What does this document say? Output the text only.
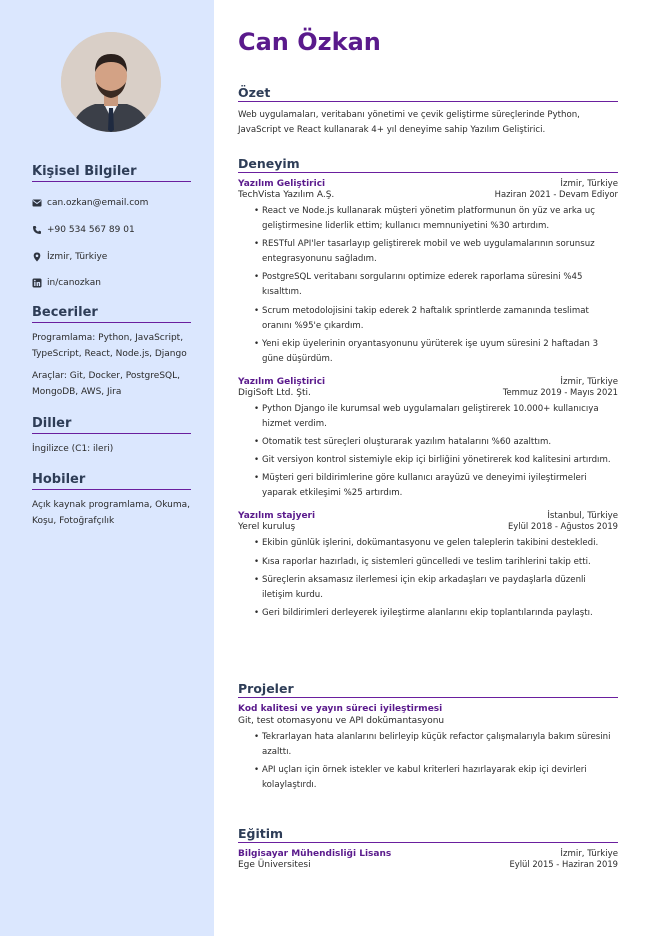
Kişisel Bilgiler
can.ozkan@email.com
+90 534 567 89 01
İzmir, Türkiye
in/canozkan
Beceriler
Programlama: Python, JavaScript, TypeScript, React, Node.js, Django
Araçlar: Git, Docker, PostgreSQL, MongoDB, AWS, Jira
Diller
İngilizce (C1: ileri)
Hobiler
Açık kaynak programlama, Okuma, Koşu, Fotoğrafçılık
Can Özkan
Özet
Web uygulamaları, veritabanı yönetimi ve çevik geliştirme süreçlerinde Python, JavaScript ve React kullanarak 4+ yıl deneyime sahip Yazılım Geliştirici.
Deneyim
Yazılım Geliştirici	İzmir, Türkiye
TechVista Yazılım A.Ş.	Haziran 2021 - Devam Ediyor
• React ve Node.js kullanarak müşteri yönetim platformunun ön yüz ve arka uç geliştirmesine liderlik ettim; kullanıcı memnuniyetini %30 artırdım.
• RESTful API'ler tasarlayıp geliştirerek mobil ve web uygulamalarının sorunsuz entegrasyonunu sağladım.
• PostgreSQL veritabanı sorgularını optimize ederek raporlama süresini %45 kısalttım.
• Scrum metodolojisini takip ederek 2 haftalık sprintlerde zamanında teslimat oranını %95'e çıkardım.
• Yeni ekip üyelerinin oryantasyonunu yürüterek işe uyum süresini 2 haftadan 3 güne düşürdüm.
Yazılım Geliştirici	İzmir, Türkiye
DigiSoft Ltd. Şti.	Temmuz 2019 - Mayıs 2021
• Python Django ile kurumsal web uygulamaları geliştirerek 10.000+ kullanıcıya hizmet verdim.
• Otomatik test süreçleri oluşturarak yazılım hatalarını %60 azalttım.
• Git versiyon kontrol sistemiyle ekip içi birliğini yönetirerek kod kalitesini artırdım.
• Müşteri geri bildirimlerine göre kullanıcı arayüzü ve deneyimi iyileştirmeleri yaparak etkileşimi %25 artırdım.
Yazılım stajyeri	İstanbul, Türkiye
Yerel kuruluş	Eylül 2018 - Ağustos 2019
• Ekibin günlük işlerini, dokümantasyonu ve gelen taleplerin takibini destekledi.
• Kısa raporlar hazırladı, iç sistemleri güncelledi ve teslim tarihlerini takip etti.
• Süreçlerin aksamasız ilerlemesi için ekip arkadaşları ve paydaşlarla düzenli iletişim kurdu.
• Geri bildirimleri derleyerek iyileştirme alanlarını ekip toplantılarında paylaştı.
Projeler
Kod kalitesi ve yayın süreci iyileştirmesi
Git, test otomasyonu ve API dokümantasyonu
• Tekrarlayan hata alanlarını belirleyip küçük refactor çalışmalarıyla bakım süresini azalttı.
• API uçları için örnek istekler ve kabul kriterleri hazırlayarak ekip içi devirleri kolaylaştırdı.
Eğitim
Bilgisayar Mühendisliği Lisans	İzmir, Türkiye
Ege Üniversitesi	Eylül 2015 - Haziran 2019
